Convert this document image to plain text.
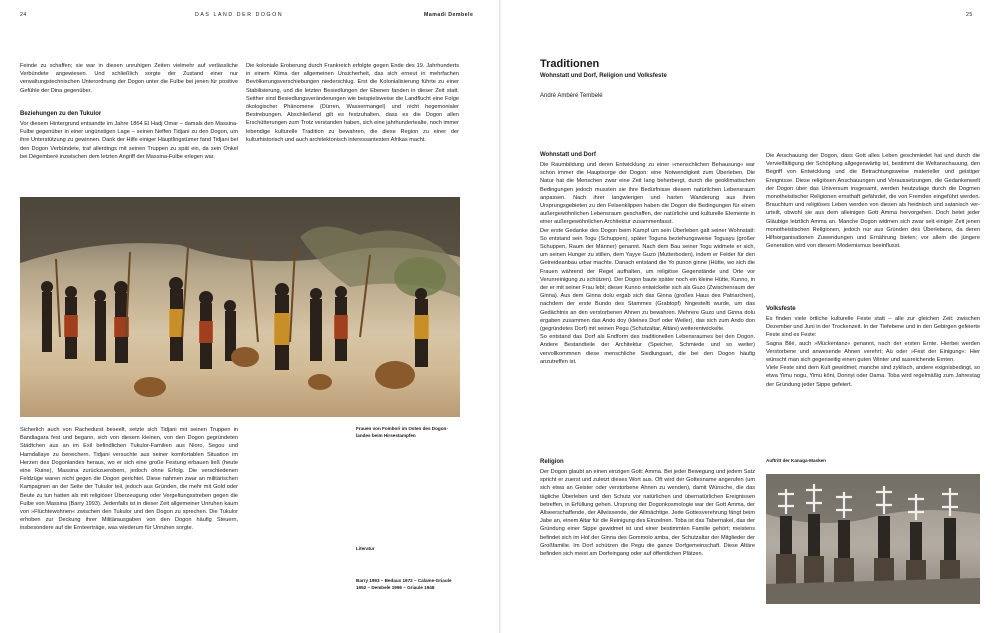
24	DAS LAND DER DOGON	Mamadi Dembele	25
Feinde zu schaffen; sie war in diesen unruhigen Zeiten vielmehr auf verlässliche Verbündete angewiesen. Und schließlich sorgte der Zustand einer nur verwaltungstechnischen Unterordnung der Dogon unter die Fulbe bei jenen für positive Gefühle der Dina gegenüber.
Beziehungen zu den Tukulor
Vor diesem Hintergrund entsandte im Jahre 1864 El Hadj Omar – damals den Massina-Fulbe gegenüber in einer ungünstigen Lage – seinen Neffen Tidjani zu den Dogon, um ihre Unterstützung zu gewinnen. Dank der Hilfe einiger Häuptlingstümer fand Tidjani bei den Dogon Verbündete, traf allerdings mit seinen Truppen zu spät ein, da sein Onkel bei Dégemberé inzwischen dem letzten Angriff der Massina-Fulbe erlegen war.
Die koloniale Eroberung durch Frankreich erfolgte gegen Ende des 19. Jahrhunderts in einem Klima der allgemeinen Unsicherheit, das sich erneut in mehrfachen Bevölkerungsverschiebungen niederschlug. Erst die Kolonialisierung führte zu einer Stabilisierung, und die letzten Besiedlungen der Ebenen fanden in dieser Zeit statt. Seither sind Besiedlungsveränderungen wie beispielsweise die Landflucht eine Folge ökologischer Phänomene (Dürren, Wassermangel) und nicht hegemonialer Bestrebungen. Abschließend gilt es festzuhalten, dass es die Dogon allen Erschütterungen zum Trotz verstanden haben, sich eine jahrhundertealte, noch immer lebendige kulturelle Tradition zu bewahren, die diese Region zu einer der kulturhistorisch und auch architektonisch interessantesten Afrikas macht.
Frauen von Fombori im Osten des Dogonlandes beim Hirsestampfen
Sicherlich auch von Rachedurst beseelt, setzte sich Tidjani mit seinen Truppen in Bandiagara fest und begann, sich von diesem kleinen, von den Dogon gegründeten Städtchen aus an im Exil befindlichen Tukulor-Familien aus Nioro, Segou und Hamdallaye zu bereichern. Tidjani versuchte aus seiner komfortablen Situation im Herzen des Dogonlandes heraus, wo er sich eine große Festung erbauen ließ (heute eine Ruine), Massina zurückzuerobern, jedoch ohne Erfolg. Die verschiedenen Feldzüge waren nicht gegen die Dogon gerichtet. Diese nahmen zwar an militärischen Kampagnen an der Seite der Tukulor teil, jedoch aus Gründen, die mehr mit Gold oder Beute zu tun hatten als mit religiöser Überzeugung oder Vergeltungsstreben gegen die Fulbe von Massina (Barry 1993). Jedenfalls ist in dieser Zeit allgemeiner Unruhen kaum von »Flüchtewohnen« zwischen den Tukulor und den Dogon zu sprechen. Die Tukulor erhoben zur Deckung ihrer Militärausgaben von den Dogon häufig Steuern, insbesondere auf die Ernteerträge, was wiederum für Unruhen sorgte.
Literatur
Barry 1993 – Bedaux 1972 – Calame-Griaule 1952 – Dembele 1996 – Griaule 1948
Traditionen
Wohnstatt und Dorf, Religion und Volksfeste
André Ambéré Tembelé
Wohnstatt und Dorf
Die Raumbildung und deren Entwicklung zu einer »menschlichen Behausung« war schon immer die Hauptsorge der Dogon: eine Notwendigkeit zum Überleben. Die Natur hat die Menschen zwar eine Zeit lang beherbergt, durch die geoklimatischen Bedingungen jedoch mussten sie ihre Bedürfnisse diesem natürlichen Lebensraum anpassen. Nach ihrer langwierigen und harten Wanderung aus ihren Ursprungsgebieten zu den Felsenklippen haben die Dogon die Bedingungen für einen außergewöhnlichen Lebensraum geschaffen, der natürliche und kulturelle Elemente in einer außergewöhnlichen Architektur zusammenfasst.
Der erste Gedanke des Dogon beim Kampf um sein Überleben galt seiner Wohnstatt: So entstand sein Togu (Schuppen), später Toguna beziehungsweise Toguayu (großer Schuppen, Raum der Männer) genannt. Nach dem Bau seiner Togu widmete er sich, um seinen Hunger zu stillen, dem Yayye Guzo (Mutterboden), indem er Felder für den Getreideanbau urbar machte. Danach entstand die Yo punon ginne (Hütte, wo sich die Frauen während der Regel aufhalten, um religiöse Gegenstände und Orte vor Verunreinigung zu schützen). Der Dogon baute später noch ein kleine Hütte, Kunno, in der er mit seiner Frau lebt; dieser Kunno entwickelte sich als Guzo (Zwischenraum der Ginna). Aus dem Ginna dolu ergab sich das Ginna (großes Haus des Patriarchen), nachdem der erste Bundo des Stammes (Grabtopf) Nngesteltt wurde, um das Gedächtnis an den verstorbenen Ahnen zu bewahren. Mehrere Guzo und Ginna dolu ergaben zusammen das Ando doy (kleines Dorf oder Weiler), das sich zum Ando don (gegründetes Dorf) mit seinen Pegu (Schutzaltar, Altäre) weiterentwickelte.
So entstand das Dorf als Endform des traditionellen Lebensraumes bei den Dogon. Andere Bestandteile der Architektur (Speicher, Schmiede und so weiter) vervollkommnen diese menschliche Siedlungsart, die bei den Dogon häufig anzutreffen ist.
Religion
Der Dogon glaubt an einen einzigen Gott: Amma. Bei jeder Bewegung und jedem Satz spricht er zuerst und zuletzt dieses Wort aus. Oft wird der Gottesname angerufen (um sich etwa an Geister oder verstorbene Ahnen zu wenden), damit Wünsche, die das tägliche Überleben und den Schutz vor natürlichen und übernatürlichen Ereignissen betreffen, in Erfüllung gehen. Ursprung der Dogonkosmologie war der Gott Amma, der Allseerschaffende, der Allwissende, der Allmächtige. Jede Gottesverehrung fängt beim Jabe an, einem Altar für die Reinigung des Einzelnen. Toba ist das Tabernakel, das der Gründung einer Sippe gewidmet ist und einer bestimmten Familie gehört; meistens befindet sich im Hof der Ginna des Gommolo amba, der Schutzaltar der Mitglieder der Großfamilie. Im Dorf schützen die Pegu die ganze Dorfgemeinschaft. Diese Altäre befinden sich meist am Dorfeingang oder auf öffentlichen Plätzen.
Die Anschauung der Dogon, dass Gott alles Leben geschmiedet hat und durch die Vervielfältigung der Schöpfung allgegenwärtig ist, bestimmt die Weltanschauung, den Begriff von Entwicklung und die Betrachtungsweise materieller und geistiger Ereignisse. Diese religiösen Anschauungen und Voraussetzungen, die Gedankenwelt der Dogon über das Universum insgesamt, werden heutzutage durch die Dogmen monotheistischer Religionen ernsthaft gefährdet, die von Fremden eingeführt werden. Brauchtum und religiöses Leben werden von diesen als heidnisch und satanisch verurteilt, obwohl sie aus dem alleinigen Gott Amma hervorgehen. Doch betet jeder Gläubige letztlich Amma an. Manche Dogon widmen sich zwar seit einiger Zeit jenen monotheistischen Religionen, jedoch nur aus Gründen des Überlebens, da deren Hilfsorganisationen Zuwendungen und Ernährung bieten; vor allem die jüngere Generation wird von diesem Modernismus beeinflusst.
Volksfeste
Es finden viele örtliche kulturelle Feste statt – alle zur gleichen Zeit: zwischen Dezember und Juni in der Trockenzeit. In der Tiefebene und in den Gebirgen gefeierte Feste sind es Feste:
Sagna Bilé, auch »Mückentanz« genannt, nach der ersten Ernte. Hierbei werden Verstorbene und anwesende Ahnen verehrt; Aü oder »Fest der Einigung«: Hier wünscht man sich gegenseitig einen guten Winter und ausreichende Ernten.
Viele Feste sind dem Kult gewidmet; manche sind zyklisch, andere exignisbedingt, so etwa Yimu nogu, Yimu kôni, Donnyi oder Dama. Toba wird regelmäßig zum Jahrestag der Gründung jeder Sippe gefeiert.
Auftritt der Kanaga-Masken
